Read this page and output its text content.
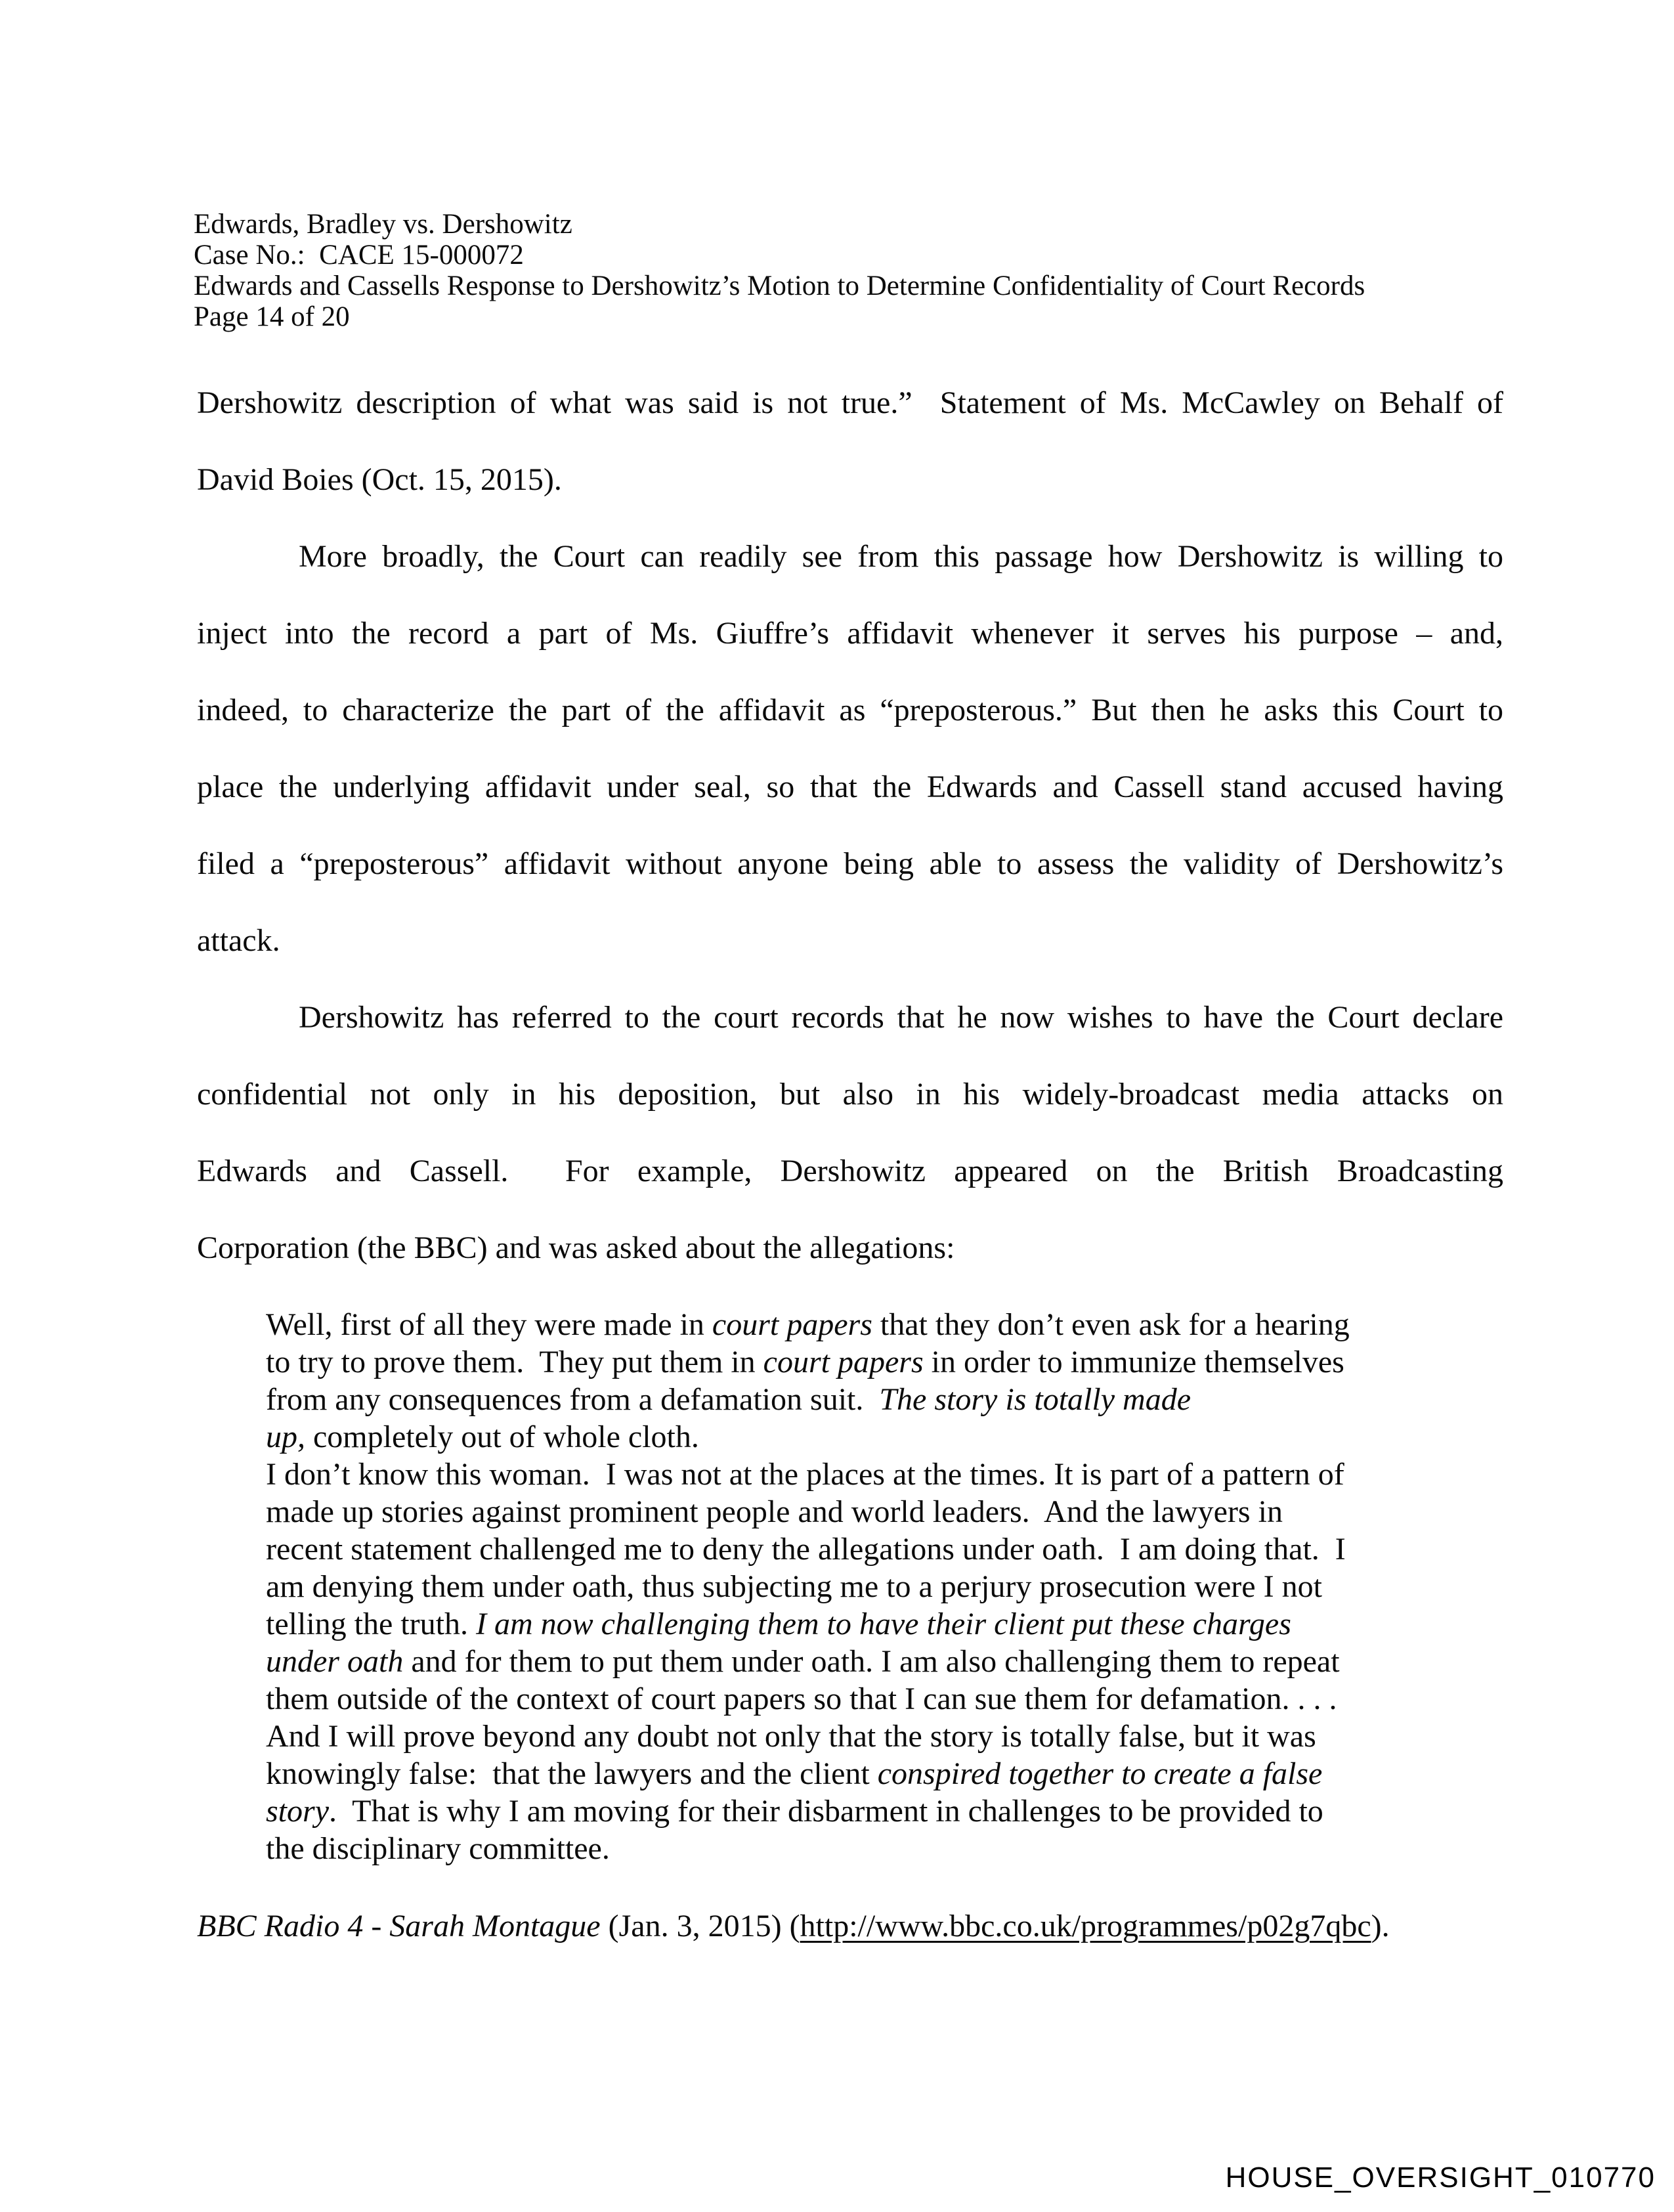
Edwards, Bradley vs. Dershowitz
Case No.:  CACE 15-000072
Edwards and Cassells Response to Dershowitz’s Motion to Determine Confidentiality of Court Records
Page 14 of 20
Dershowitz description of what was said is not true.”  Statement of Ms. McCawley on Behalf of
David Boies (Oct. 15, 2015).
More broadly, the Court can readily see from this passage how Dershowitz is willing to
inject into the record a part of Ms. Giuffre’s affidavit whenever it serves his purpose – and,
indeed, to characterize the part of the affidavit as “preposterous.” But then he asks this Court to
place the underlying affidavit under seal, so that the Edwards and Cassell stand accused having
filed a “preposterous” affidavit without anyone being able to assess the validity of Dershowitz’s
attack.
Dershowitz has referred to the court records that he now wishes to have the Court declare
confidential not only in his deposition, but also in his widely-broadcast media attacks on
Edwards and Cassell.  For example, Dershowitz appeared on the British Broadcasting
Corporation (the BBC) and was asked about the allegations:
Well, first of all they were made in court papers that they don’t even ask for a hearing
to try to prove them.  They put them in court papers in order to immunize themselves
from any consequences from a defamation suit.  The story is totally made
up, completely out of whole cloth.
I don’t know this woman.  I was not at the places at the times. It is part of a pattern of
made up stories against prominent people and world leaders.  And the lawyers in
recent statement challenged me to deny the allegations under oath.  I am doing that.  I
am denying them under oath, thus subjecting me to a perjury prosecution were I not
telling the truth. I am now challenging them to have their client put these charges
under oath and for them to put them under oath. I am also challenging them to repeat
them outside of the context of court papers so that I can sue them for defamation. . . .
And I will prove beyond any doubt not only that the story is totally false, but it was
knowingly false:  that the lawyers and the client conspired together to create a false
story.  That is why I am moving for their disbarment in challenges to be provided to
the disciplinary committee.
BBC Radio 4 - Sarah Montague (Jan. 3, 2015) (http://www.bbc.co.uk/programmes/p02g7qbc).
HOUSE_OVERSIGHT_010770
